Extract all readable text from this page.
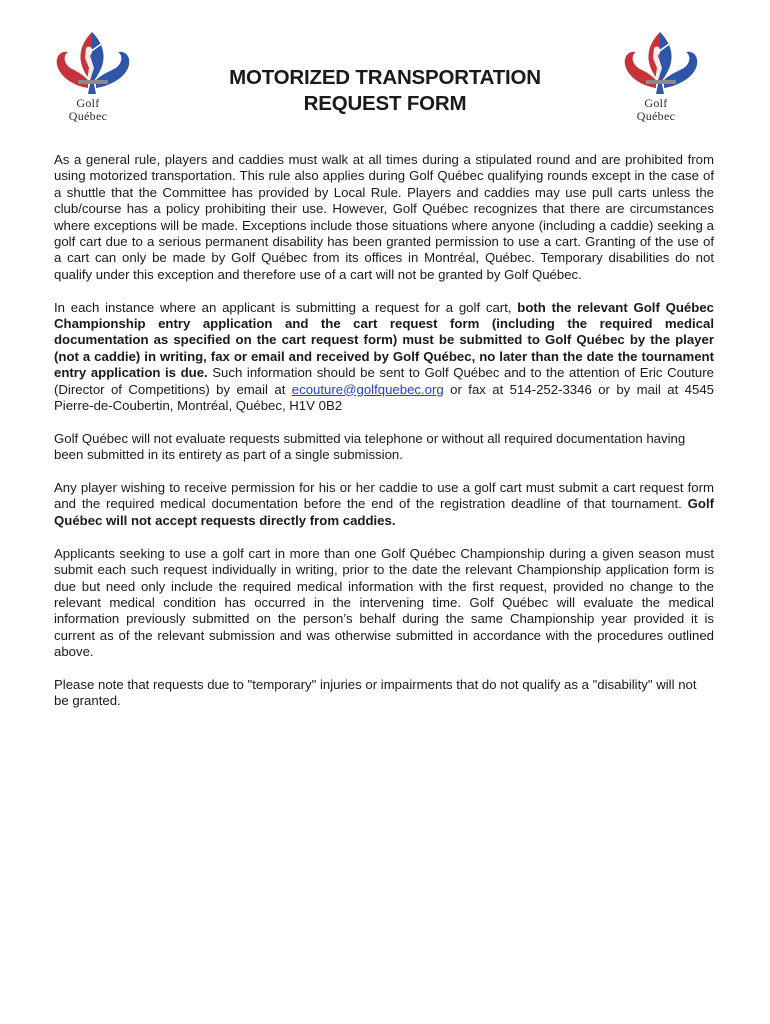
Golf
Québec
Golf
Québec
MOTORIZED TRANSPORTATION
REQUEST FORM

As a general rule, players and caddies must walk at all times during a stipulated round and are prohibited from using motorized transportation. This rule also applies during Golf Québec qualifying rounds except in the case of a shuttle that the Committee has provided by Local Rule. Players and caddies may use pull carts unless the club/course has a policy prohibiting their use. However, Golf Québec recognizes that there are circumstances where exceptions will be made. Exceptions include those situations where anyone (including a caddie) seeking a golf cart due to a serious permanent disability has been granted permission to use a cart. Granting of the use of a cart can only be made by Golf Québec from its offices in Montréal, Québec. Temporary disabilities do not qualify under this exception and therefore use of a cart will not be granted by Golf Québec.

In each instance where an applicant is submitting a request for a golf cart, both the relevant Golf Québec Championship entry application and the cart request form (including the required medical documentation as specified on the cart request form) must be submitted to Golf Québec by the player (not a caddie) in writing, fax or email and received by Golf Québec, no later than the date the tournament entry application is due. Such information should be sent to Golf Québec and to the attention of Eric Couture (Director of Competitions) by email at ecouture@golfquebec.org or fax at 514-252-3346 or by mail at 4545 Pierre-de-Coubertin, Montréal, Québec, H1V 0B2

Golf Québec will not evaluate requests submitted via telephone or without all required documentation having been submitted in its entirety as part of a single submission.

Any player wishing to receive permission for his or her caddie to use a golf cart must submit a cart request form and the required medical documentation before the end of the registration deadline of that tournament. Golf Québec will not accept requests directly from caddies.

Applicants seeking to use a golf cart in more than one Golf Québec Championship during a given season must submit each such request individually in writing, prior to the date the relevant Championship application form is due but need only include the required medical information with the first request, provided no change to the relevant medical condition has occurred in the intervening time. Golf Québec will evaluate the medical information previously submitted on the person’s behalf during the same Championship year provided it is current as of the relevant submission and was otherwise submitted in accordance with the procedures outlined above.

Please note that requests due to "temporary" injuries or impairments that do not qualify as a "disability" will not be granted.
